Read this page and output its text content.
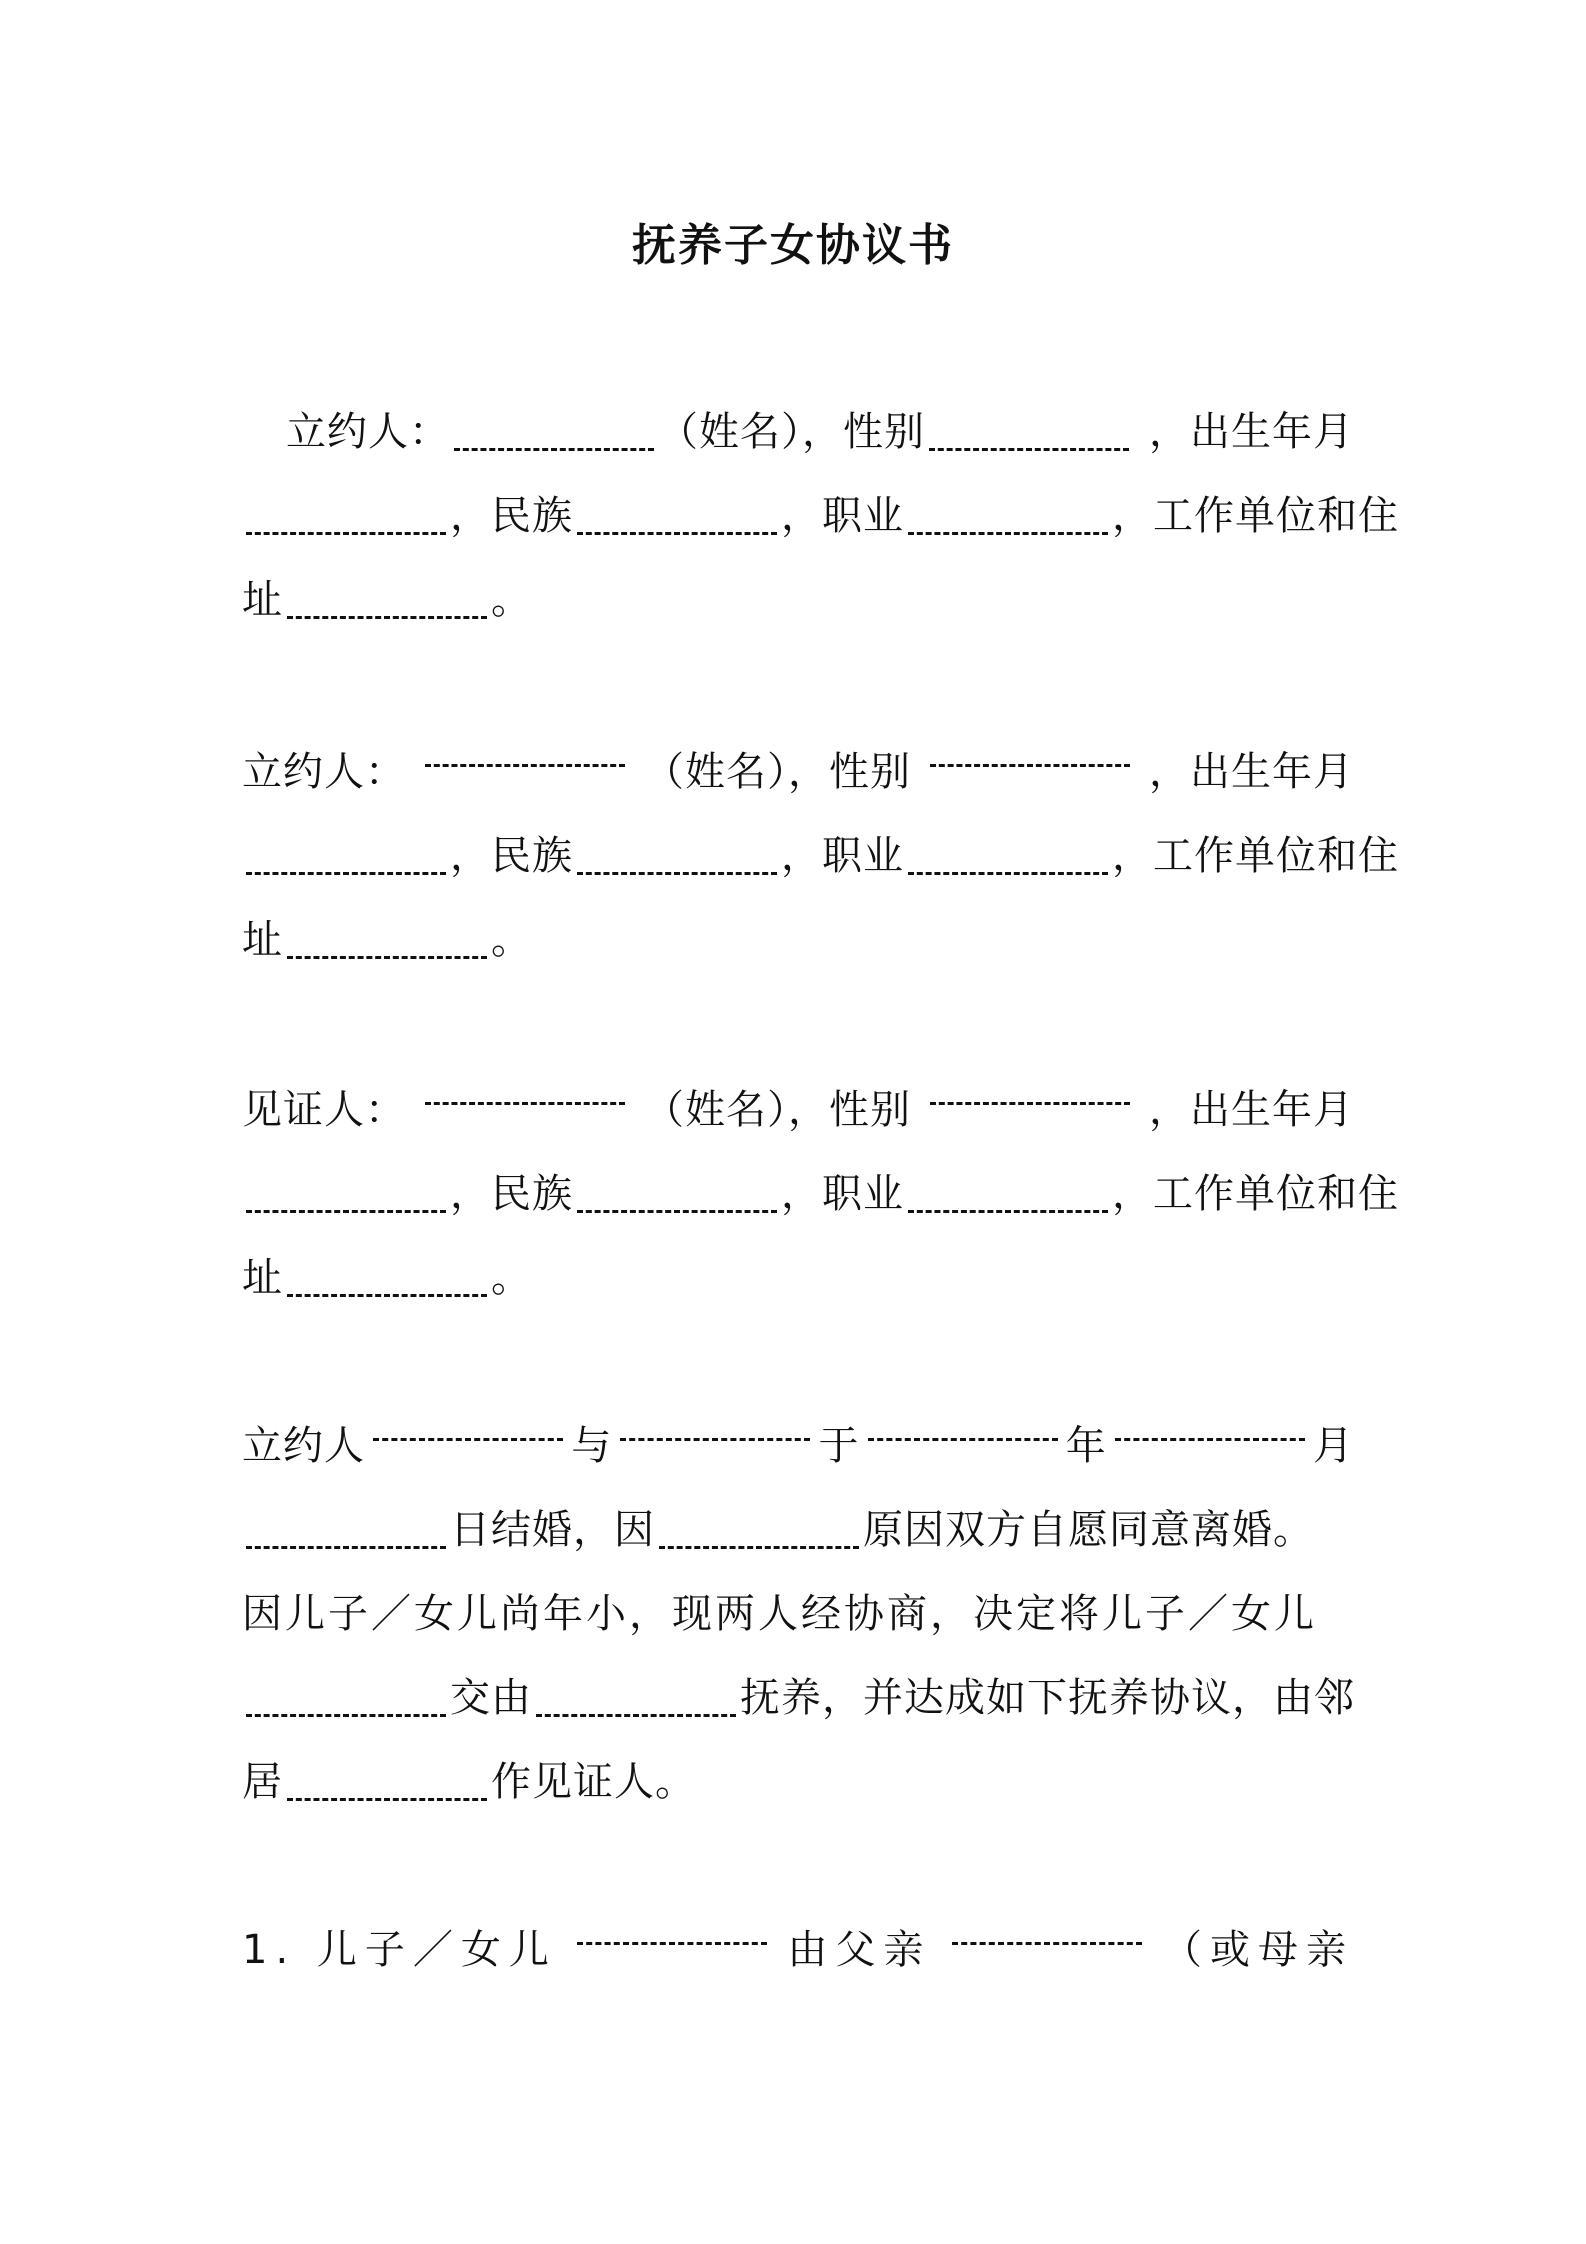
抚养子女协议书
立约人：	（姓名），性别	，出生年月
，民族	，职业	，工作单位和住
址	。
立约人：	（姓名），性别	，出生年月
，民族	，职业	，工作单位和住
址	。
见证人：	（姓名），性别	，出生年月
，民族	，职业	，工作单位和住
址	。
立约人	与	于	年	月
日结婚，因	原因双方自愿同意离婚。
因儿子／女儿尚年小，现两人经协商，决定将儿子／女儿
交由	抚养，并达成如下抚养协议，由邻
居	作见证人。
1. 儿子／女儿	由父亲	（或母亲
